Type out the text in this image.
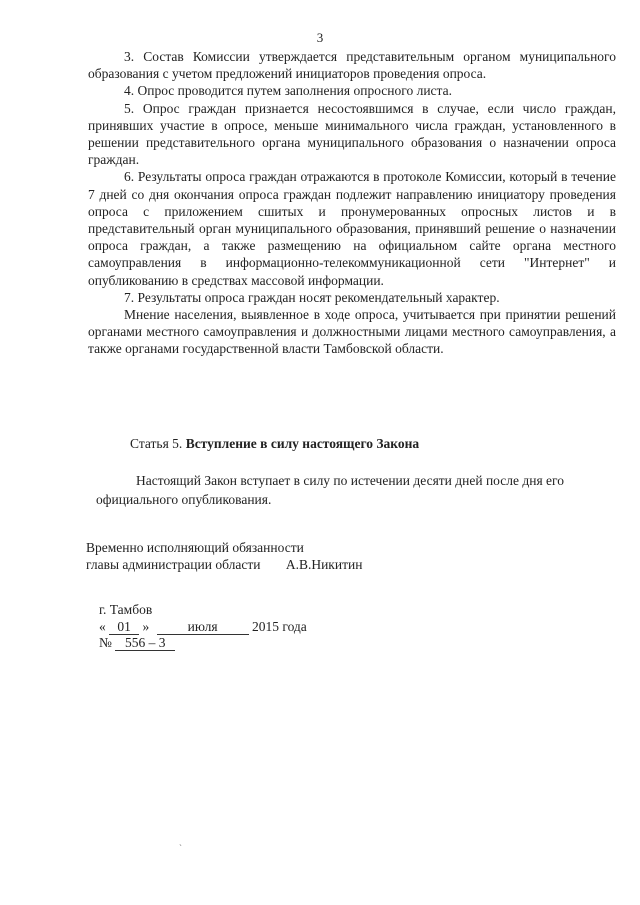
3

3. Состав Комиссии утверждается представительным органом муниципального образования с учетом предложений инициаторов проведения опроса.

4. Опрос проводится путем заполнения опросного листа.

5. Опрос граждан признается несостоявшимся в случае, если число граждан, принявших участие в опросе, меньше минимального числа граждан, установленного в решении представительного органа муниципального образования о назначении опроса граждан.

6. Результаты опроса граждан отражаются в протоколе Комиссии, который в течение 7 дней со дня окончания опроса граждан подлежит направлению инициатору проведения опроса с приложением сшитых и пронумерованных опросных листов и в представительный орган муниципального образования, принявший решение о назначении опроса граждан, а также размещению на официальном сайте органа местного самоуправления в информационно-телекоммуникационной сети "Интернет" и опубликованию в средствах массовой информации.

7. Результаты опроса граждан носят рекомендательный характер.

Мнение населения, выявленное в ходе опроса, учитывается при принятии решений органами местного самоуправления и должностными лицами местного самоуправления, а также органами государственной власти Тамбовской области.

Статья 5. Вступление в силу настоящего Закона

Настоящий Закон вступает в силу по истечении десяти дней после дня его официального опубликования.

Временно исполняющий обязанности
главы администрации области А.В.Никитин
г. Тамбов
« 01 »	июля	2015 года
№ 556 – 3
`
